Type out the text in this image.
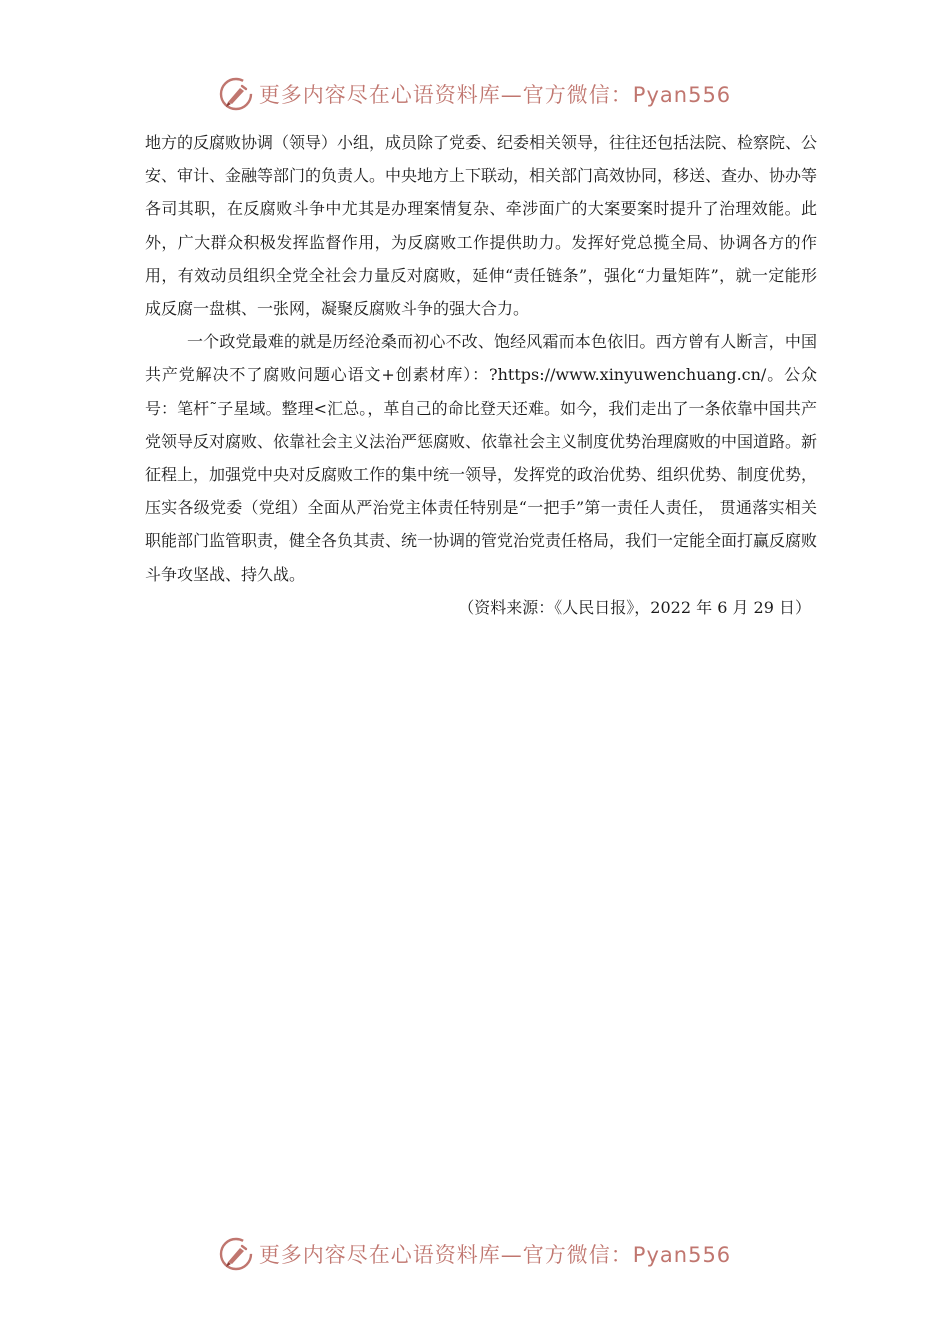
更多内容尽在心语资料库—官方微信：Pyan556

地方的反腐败协调（领导）小组，成员除了党委、纪委相关领导，往往还包括法院、检察院、公安、审计、金融等部门的负责人。中央地方上下联动，相关部门高效协同，移送、查办、协办等各司其职，在反腐败斗争中尤其是办理案情复杂、牵涉面广的大案要案时提升了治理效能。此外，广大群众积极发挥监督作用，为反腐败工作提供助力。发挥好党总揽全局、协调各方的作用，有效动员组织全党全社会力量反对腐败，延伸“责任链条”，强化“力量矩阵”，就一定能形成反腐一盘棋、一张网，凝聚反腐败斗争的强大合力。

一个政党最难的就是历经沧桑而初心不改、饱经风霜而本色依旧。西方曾有人断言，中国共产党解决不了腐败问题心语文+创素材库）：?https://www.xinyuwenchuang.cn/。公众号：笔杆˜子星域。整理<汇总。，革自己的命比登天还难。如今，我们走出了一条依靠中国共产党领导反对腐败、依靠社会主义法治严惩腐败、依靠社会主义制度优势治理腐败的中国道路。新征程上，加强党中央对反腐败工作的集中统一领导，发挥党的政治优势、组织优势、制度优势，压实各级党委（党组）全面从严治党主体责任特别是“一把手”第一责任人责任， 贯通落实相关职能部门监管职责，健全各负其责、统一协调的管党治党责任格局，我们一定能全面打赢反腐败斗争攻坚战、持久战。

（资料来源：《人民日报》，2022 年 6 月 29 日）

更多内容尽在心语资料库—官方微信：Pyan556
